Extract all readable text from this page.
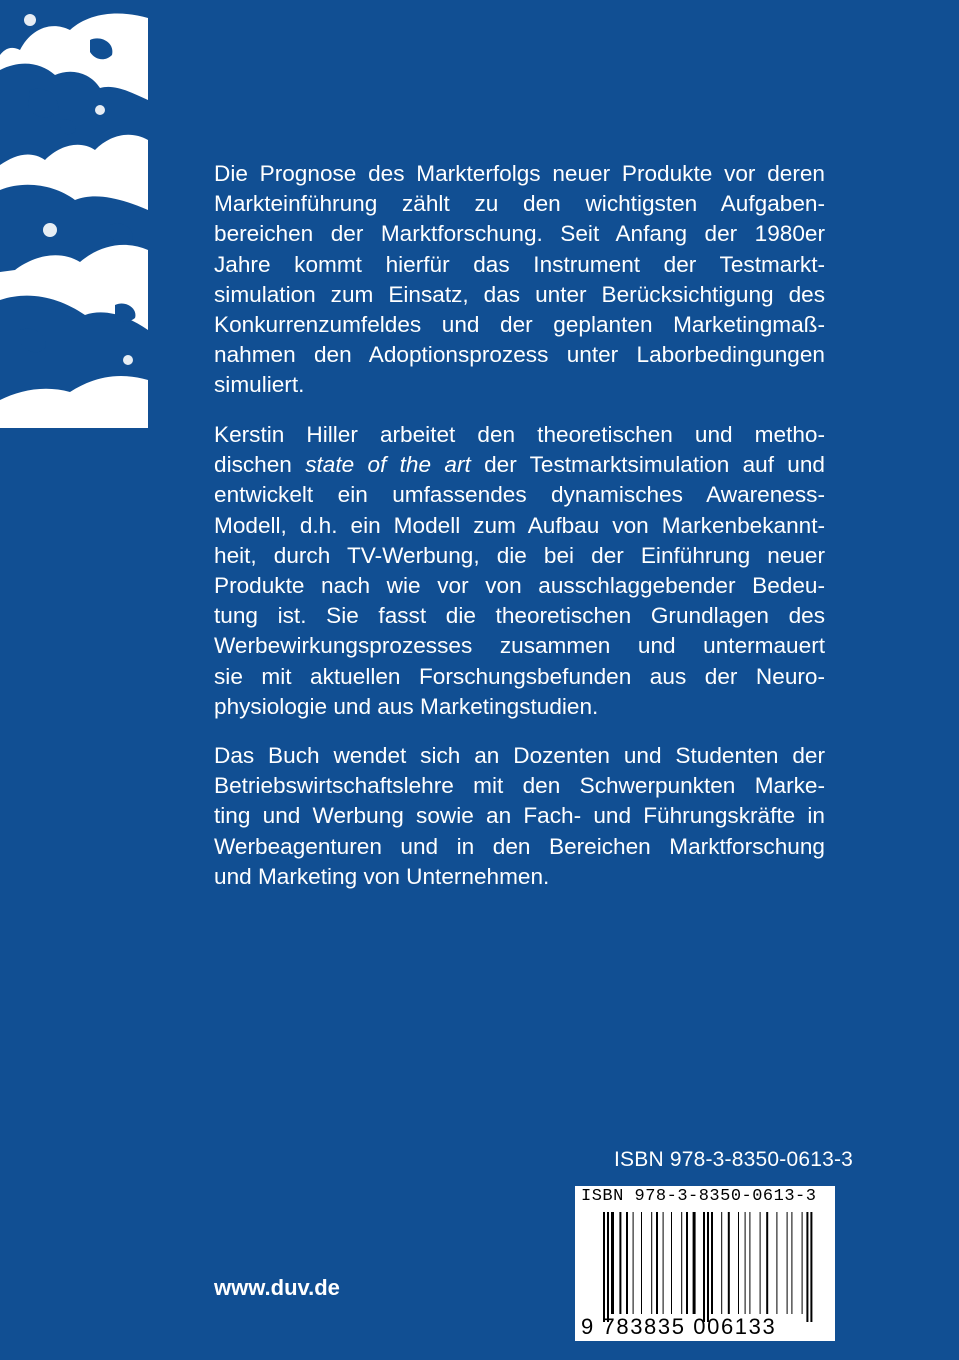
Die Prognose des Markterfolgs neuer Produkte vor deren
Markteinführung zählt zu den wichtigsten Aufgaben-
bereichen der Marktforschung. Seit Anfang der 1980er
Jahre kommt hierfür das Instrument der Testmarkt-
simulation zum Einsatz, das unter Berücksichtigung des
Konkurrenzumfeldes und der geplanten Marketingmaß-
nahmen den Adoptionsprozess unter Laborbedingungen
simuliert.
Kerstin Hiller arbeitet den theoretischen und metho-
dischen state of the art der Testmarktsimulation auf und
entwickelt ein umfassendes dynamisches Awareness-
Modell, d.h. ein Modell zum Aufbau von Markenbekannt-
heit, durch TV-Werbung, die bei der Einführung neuer
Produkte nach wie vor von ausschlaggebender Bedeu-
tung ist. Sie fasst die theoretischen Grundlagen des
Werbewirkungsprozesses zusammen und untermauert
sie mit aktuellen Forschungsbefunden aus der Neuro-
physiologie und aus Marketingstudien.
Das Buch wendet sich an Dozenten und Studenten der
Betriebswirtschaftslehre mit den Schwerpunkten Marke-
ting und Werbung sowie an Fach- und Führungskräfte in
Werbeagenturen und in den Bereichen Marktforschung
und Marketing von Unternehmen.
ISBN 978-3-8350-0613-3
ISBN 978-3-8350-0613-3
9 783835 006133
www.duv.de
